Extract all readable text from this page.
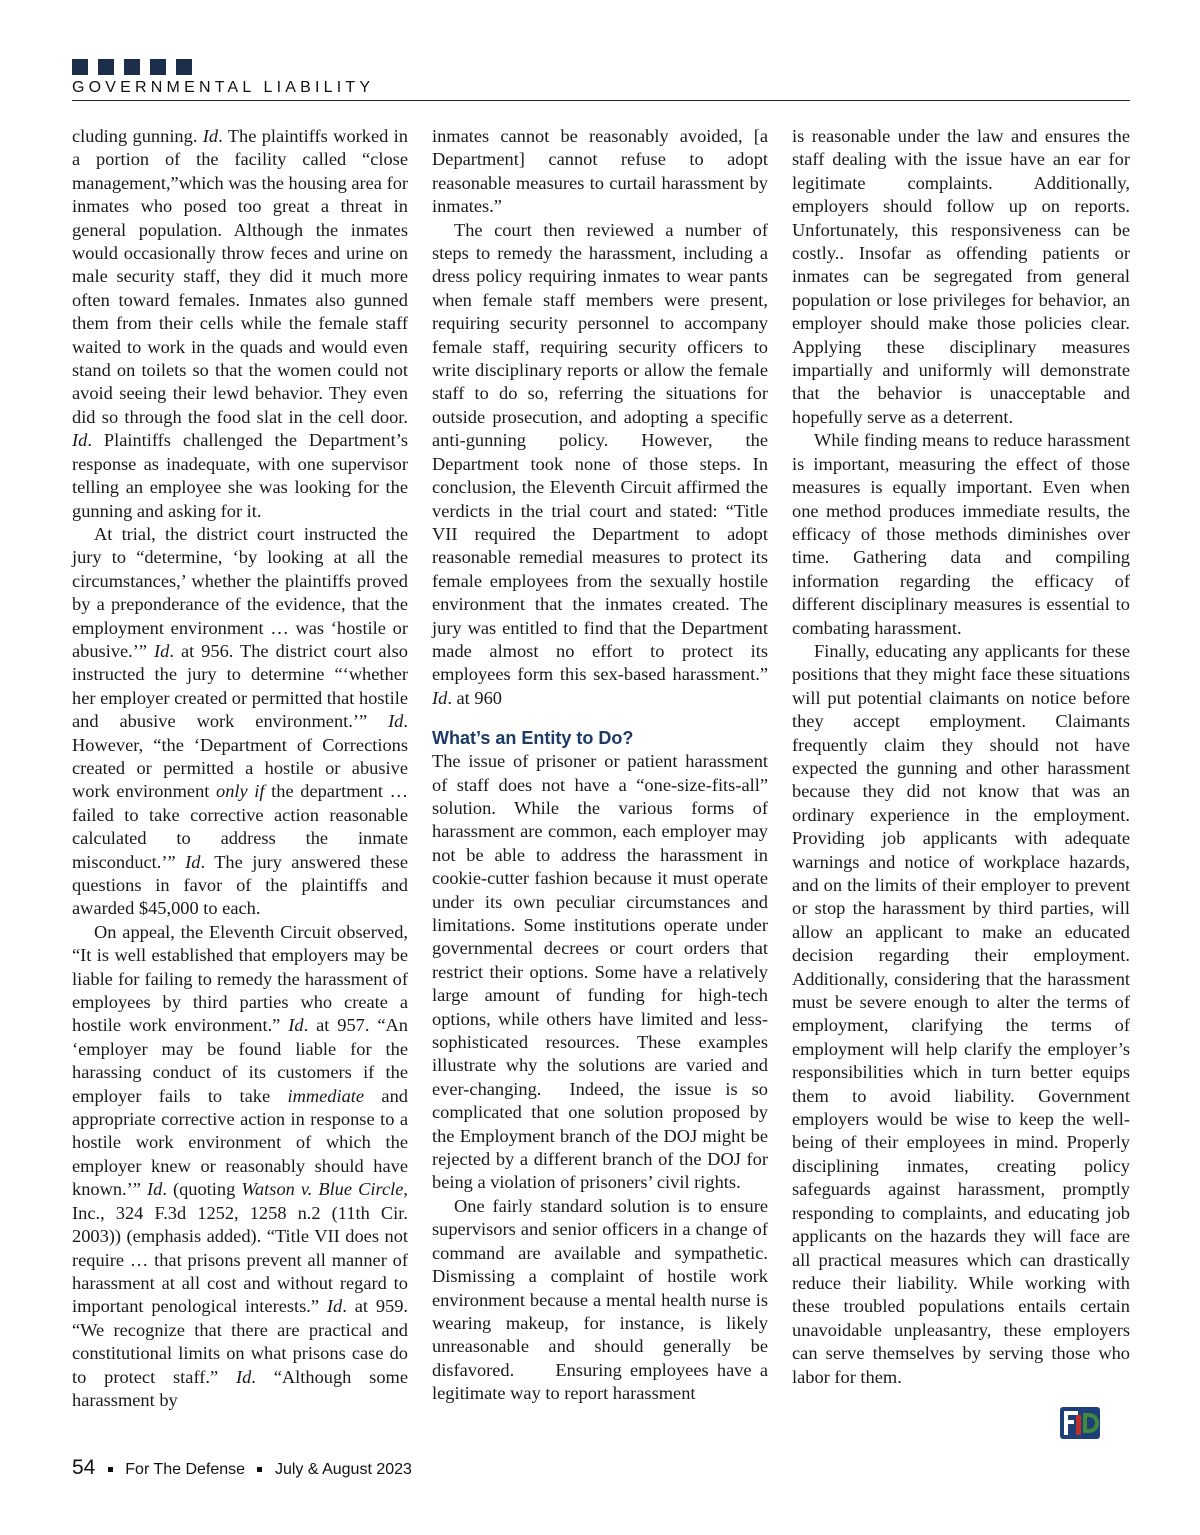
GOVERNMENTAL LIABILITY

cluding gunning. Id. The plaintiffs worked in a portion of the facility called “close management,”which was the housing area for inmates who posed too great a threat in general population. Although the inmates would occasionally throw feces and urine on male security staff, they did it much more often toward females. Inmates also gunned them from their cells while the female staff waited to work in the quads and would even stand on toilets so that the women could not avoid seeing their lewd behavior. They even did so through the food slat in the cell door. Id. Plaintiffs challenged the Department’s response as inadequate, with one supervisor telling an employee she was looking for the gunning and asking for it.

At trial, the district court instructed the jury to “determine, ‘by looking at all the circumstances,’ whether the plaintiffs proved by a preponderance of the evidence, that the employment environment … was ‘hostile or abusive.’” Id. at 956. The district court also instructed the jury to determine “‘whether her employer created or permitted that hostile and abusive work environment.’” Id. However, “the ‘Department of Corrections created or permitted a hostile or abusive work environment only if the department … failed to take corrective action reasonable calculated to address the inmate misconduct.’” Id. The jury answered these questions in favor of the plaintiffs and awarded $45,000 to each.

On appeal, the Eleventh Circuit observed, “It is well established that employers may be liable for failing to remedy the harassment of employees by third parties who create a hostile work environment.” Id. at 957. “An ‘employer may be found liable for the harassing conduct of its customers if the employer fails to take immediate and appropriate corrective action in response to a hostile work environment of which the employer knew or reasonably should have known.’” Id. (quoting Watson v. Blue Circle, Inc., 324 F.3d 1252, 1258 n.2 (11th Cir. 2003)) (emphasis added). “Title VII does not require … that prisons prevent all manner of harassment at all cost and without regard to important penological interests.” Id. at 959. “We recognize that there are practical and constitutional limits on what prisons case do to protect staff.” Id. “Although some harassment by

inmates cannot be reasonably avoided, [a Department] cannot refuse to adopt reasonable measures to curtail harassment by inmates.”

The court then reviewed a number of steps to remedy the harassment, including a dress policy requiring inmates to wear pants when female staff members were present, requiring security personnel to accompany female staff, requiring security officers to write disciplinary reports or allow the female staff to do so, referring the situations for outside prosecution, and adopting a specific anti-gunning policy. However, the Department took none of those steps. In conclusion, the Eleventh Circuit affirmed the verdicts in the trial court and stated: “Title VII required the Department to adopt reasonable remedial measures to protect its female employees from the sexually hostile environment that the inmates created. The jury was entitled to find that the Department made almost no effort to protect its employees form this sex-based harassment.” Id. at 960

What’s an Entity to Do?

The issue of prisoner or patient harassment of staff does not have a “one-size-fits-all” solution. While the various forms of harassment are common, each employer may not be able to address the harassment in cookie-cutter fashion because it must operate under its own peculiar circumstances and limitations. Some institutions operate under governmental decrees or court orders that restrict their options. Some have a relatively large amount of funding for high-tech options, while others have limited and less-sophisticated resources. These examples illustrate why the solutions are varied and ever-changing.  Indeed, the issue is so complicated that one solution proposed by the Employment branch of the DOJ might be rejected by a different branch of the DOJ for being a violation of prisoners’ civil rights.

One fairly standard solution is to ensure supervisors and senior officers in a change of command are available and sympathetic. Dismissing a complaint of hostile work environment because a mental health nurse is wearing makeup, for instance, is likely unreasonable and should generally be disfavored.     Ensuring employees have a legitimate way to report harassment

is reasonable under the law and ensures the staff dealing with the issue have an ear for legitimate complaints. Additionally, employers should follow up on reports. Unfortunately, this responsiveness can be costly.. Insofar as offending patients or inmates can be segregated from general population or lose privileges for behavior, an employer should make those policies clear. Applying these disciplinary measures impartially and uniformly will demonstrate that the behavior is unacceptable and hopefully serve as a deterrent.

While finding means to reduce harassment is important, measuring the effect of those measures is equally important. Even when one method produces immediate results, the efficacy of those methods diminishes over time. Gathering data and compiling information regarding the efficacy of different disciplinary measures is essential to combating harassment.

Finally, educating any applicants for these positions that they might face these situations will put potential claimants on notice before they accept employment. Claimants frequently claim they should not have expected the gunning and other harassment because they did not know that was an ordinary experience in the employment. Providing job applicants with adequate warnings and notice of workplace hazards, and on the limits of their employer to prevent or stop the harassment by third parties, will allow an applicant to make an educated decision regarding their employment. Additionally, considering that the harassment must be severe enough to alter the terms of employment, clarifying the terms of employment will help clarify the employer’s responsibilities which in turn better equips them to avoid liability. Government employers would be wise to keep the well-being of their employees in mind. Properly disciplining inmates, creating policy safeguards against harassment, promptly responding to complaints, and educating job applicants on the hazards they will face are all practical measures which can drastically reduce their liability. While working with these troubled populations entails certain unavoidable unpleasantry, these employers can serve themselves by serving those who labor for them.

54 For The Defense July & August 2023
